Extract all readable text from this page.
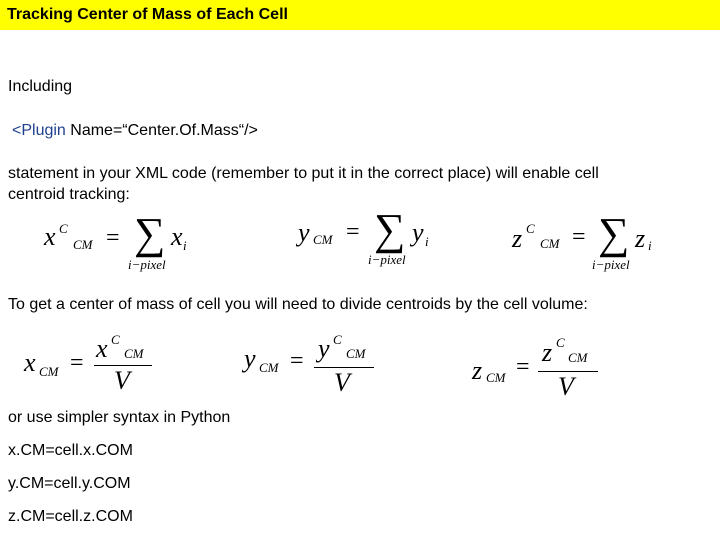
Tracking Center of Mass of Each Cell
Including
<Plugin Name=“Center.Of.Mass“/>
statement in your XML code (remember to put it in the correct place) will enable cell
centroid tracking:
x C
CM = ∑ x i
i−pixel
y CM = ∑ y i
i−pixel
z C
CM = ∑ z i
i−pixel
To get a center of mass of cell you will need to divide centroids by the cell volume:
x CM = x C
CM
V
y CM = y C
CM
V	z CM = z C
CM
V
or use simpler syntax in Python
x.CM=cell.x.COM
y.CM=cell.y.COM
z.CM=cell.z.COM
